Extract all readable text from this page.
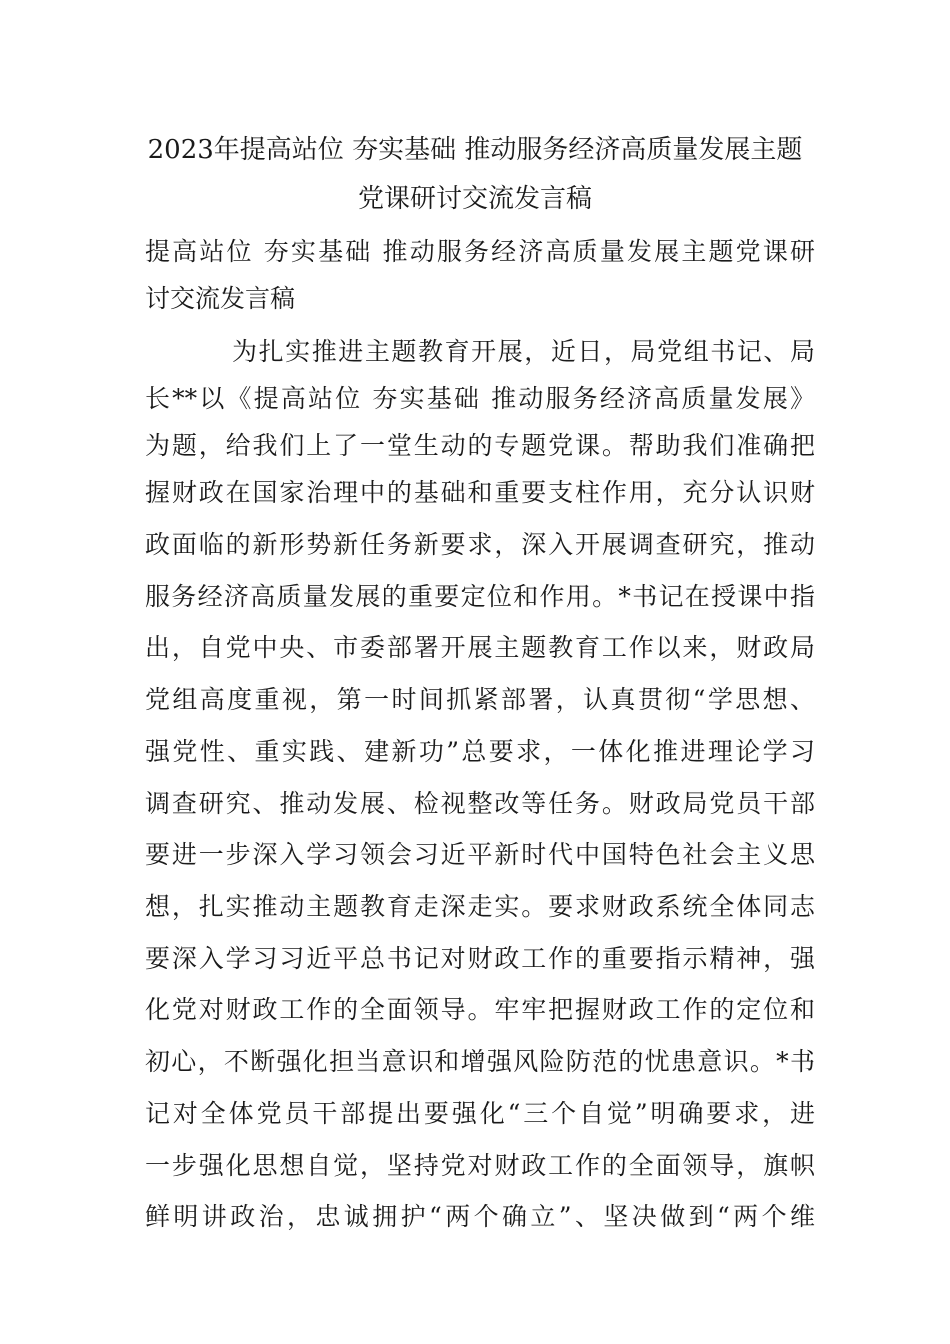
2023年提高站位 夯实基础 推动服务经济高质量发展主题
党课研讨交流发言稿

提高站位 夯实基础 推动服务经济高质量发展主题党课研

讨交流发言稿

为扎实推进主题教育开展，近日，局党组书记、局

长**以《提高站位 夯实基础 推动服务经济高质量发展》

为题，给我们上了一堂生动的专题党课。帮助我们准确把

握财政在国家治理中的基础和重要支柱作用，充分认识财

政面临的新形势新任务新要求，深入开展调查研究，推动

服务经济高质量发展的重要定位和作用。*书记在授课中指

出，自党中央、市委部署开展主题教育工作以来，财政局

党组高度重视，第一时间抓紧部署，认真贯彻“学思想、

强党性、重实践、建新功”总要求，一体化推进理论学习

调查研究、推动发展、检视整改等任务。财政局党员干部

要进一步深入学习领会习近平新时代中国特色社会主义思

想，扎实推动主题教育走深走实。要求财政系统全体同志

要深入学习习近平总书记对财政工作的重要指示精神，强

化党对财政工作的全面领导。牢牢把握财政工作的定位和

初心，不断强化担当意识和增强风险防范的忧患意识。*书

记对全体党员干部提出要强化“三个自觉”明确要求，进

一步强化思想自觉，坚持党对财政工作的全面领导，旗帜

鲜明讲政治，忠诚拥护“两个确立”、坚决做到“两个维
